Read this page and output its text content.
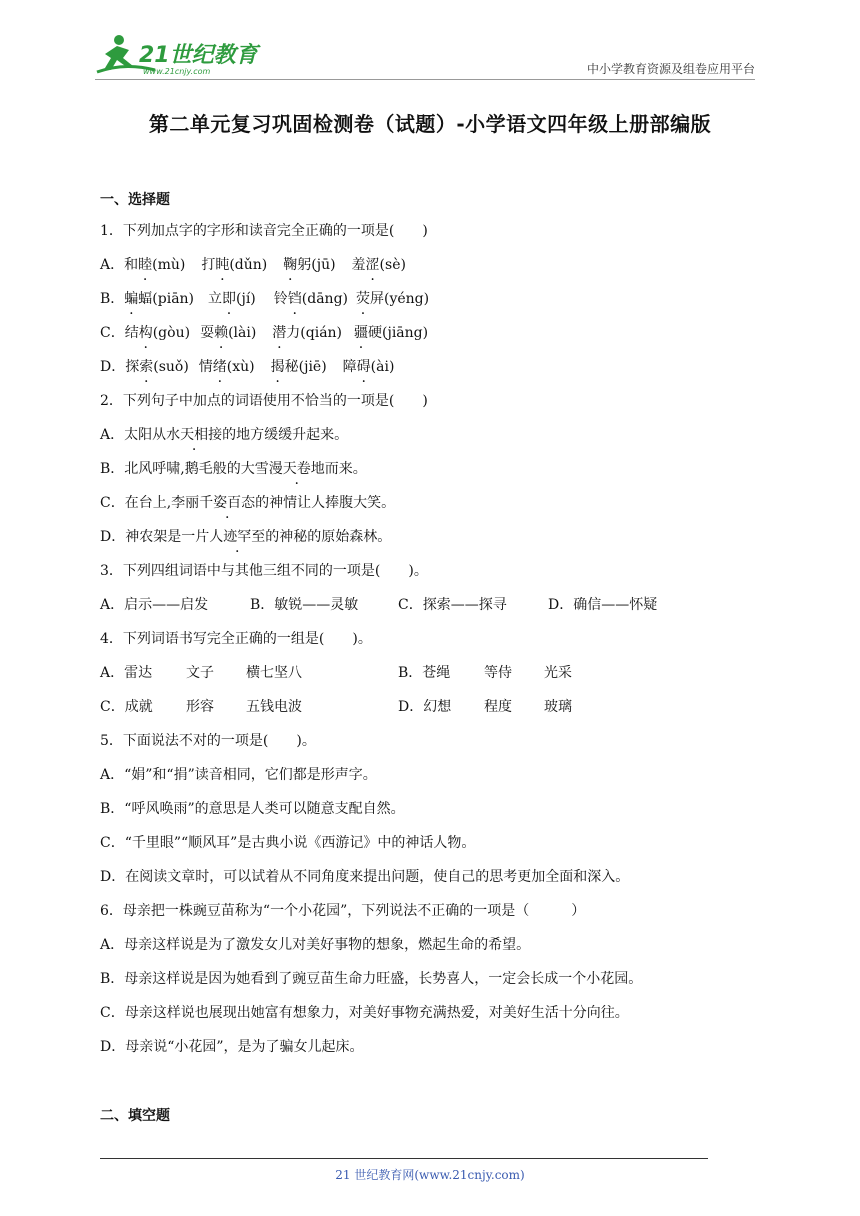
21世纪教育
www.21cnjy.com	中小学教育资源及组卷应用平台
第二单元复习巩固检测卷（试题）-小学语文四年级上册部编版
一、选择题
1．下列加点字的字形和读音完全正确的一项是(　　)
A．和睦(mù) 打盹(dǔn) 鞠躬(jū) 羞涩(sè)
B．蝙蝠(piān) 立即(jí) 铃铛(dāng) 荧屏(yéng)
C．结构(gòu) 耍赖(lài) 潜力(qián) 疆硬(jiāng)
D．探索(suǒ) 情绪(xù) 揭秘(jiē) 障碍(ài)
2．下列句子中加点的词语使用不恰当的一项是(　　)
A．太阳从水天相接的地方缓缓升起来。
B．北风呼啸,鹅毛般的大雪漫天卷地而来。
C．在台上,李丽千姿百态的神情让人捧腹大笑。
D．神农架是一片人迹罕至的神秘的原始森林。
3．下列四组词语中与其他三组不同的一项是(　　)。
A．启示——启发	B．敏锐——灵敏	C．探索——探寻	D．确信——怀疑
4．下列词语书写完全正确的一组是(　　)。
A．雷达 文子 横七坚八	B．苍绳 等侍 光采
C．成就 形容 五钱电波	D．幻想 程度 玻璃
5．下面说法不对的一项是(　　)。
A．“娟”和“捐”读音相同，它们都是形声字。
B．“呼风唤雨”的意思是人类可以随意支配自然。
C．“千里眼”“顺风耳”是古典小说《西游记》中的神话人物。
D．在阅读文章时，可以试着从不同角度来提出问题，使自己的思考更加全面和深入。
6．母亲把一株豌豆苗称为“一个小花园”，下列说法不正确的一项是（　　　）
A．母亲这样说是为了激发女儿对美好事物的想象，燃起生命的希望。
B．母亲这样说是因为她看到了豌豆苗生命力旺盛，长势喜人，一定会长成一个小花园。
C．母亲这样说也展现出她富有想象力，对美好事物充满热爱，对美好生活十分向往。
D．母亲说“小花园”，是为了骗女儿起床。
二、填空题
21 世纪教育网(www.21cnjy.com)
